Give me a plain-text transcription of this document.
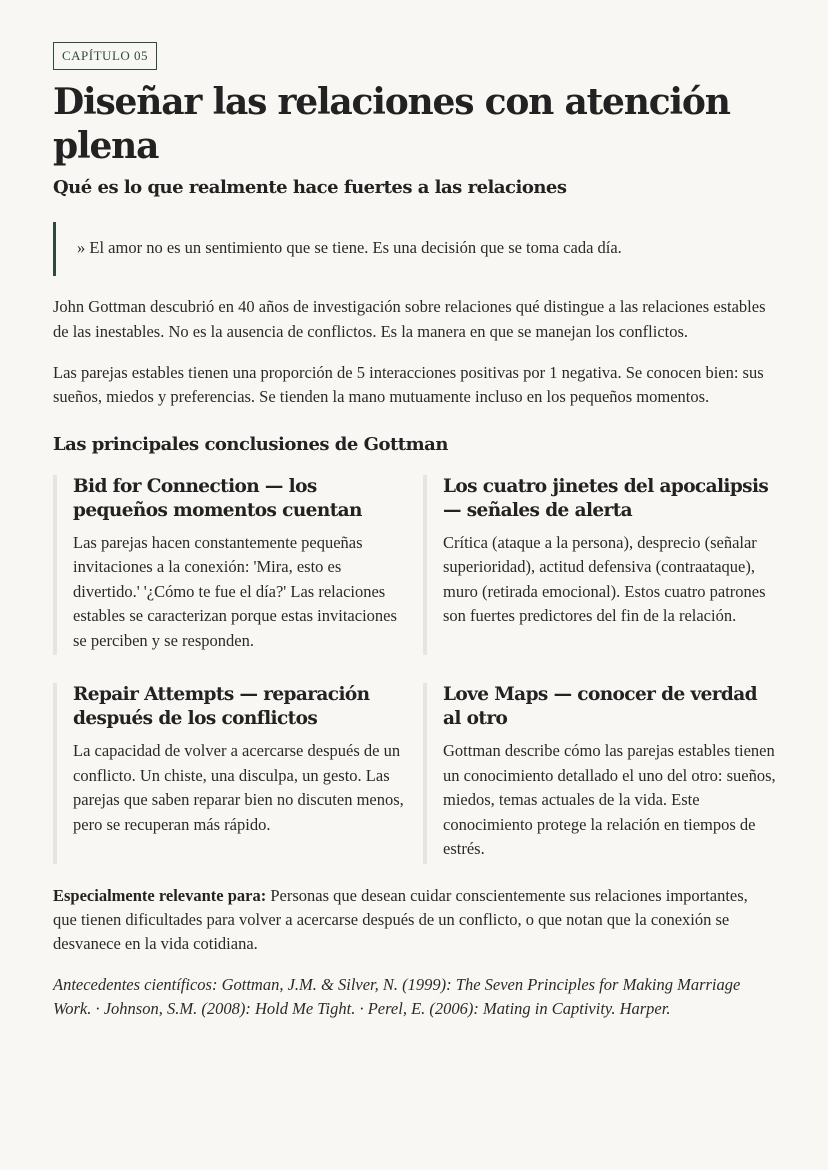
CAPÍTULO 05
Diseñar las relaciones con atención plena
Qué es lo que realmente hace fuertes a las relaciones
» El amor no es un sentimiento que se tiene. Es una decisión que se toma cada día.

John Gottman descubrió en 40 años de investigación sobre relaciones qué distingue a las relaciones estables de las inestables. No es la ausencia de conflictos. Es la manera en que se manejan los conflictos.

Las parejas estables tienen una proporción de 5 interacciones positivas por 1 negativa. Se conocen bien: sus sueños, miedos y preferencias. Se tienden la mano mutuamente incluso en los pequeños momentos.

Las principales conclusiones de Gottman
Bid for Connection — los pequeños momentos cuentan
Las parejas hacen constantemente pequeñas invitaciones a la conexión: 'Mira, esto es divertido.' '¿Cómo te fue el día?' Las relaciones estables se caracterizan porque estas invitaciones se perciben y se responden.
Los cuatro jinetes del apocalipsis — señales de alerta
Crítica (ataque a la persona), desprecio (señalar superioridad), actitud defensiva (contraataque), muro (retirada emocional). Estos cuatro patrones son fuertes predictores del fin de la relación.
Repair Attempts — reparación después de los conflictos
La capacidad de volver a acercarse después de un conflicto. Un chiste, una disculpa, un gesto. Las parejas que saben reparar bien no discuten menos, pero se recuperan más rápido.
Love Maps — conocer de verdad al otro
Gottman describe cómo las parejas estables tienen un conocimiento detallado el uno del otro: sueños, miedos, temas actuales de la vida. Este conocimiento protege la relación en tiempos de estrés.

Especialmente relevante para: Personas que desean cuidar conscientemente sus relaciones importantes, que tienen dificultades para volver a acercarse después de un conflicto, o que notan que la conexión se desvanece en la vida cotidiana.

Antecedentes científicos: Gottman, J.M. & Silver, N. (1999): The Seven Principles for Making Marriage Work. · Johnson, S.M. (2008): Hold Me Tight. · Perel, E. (2006): Mating in Captivity. Harper.
